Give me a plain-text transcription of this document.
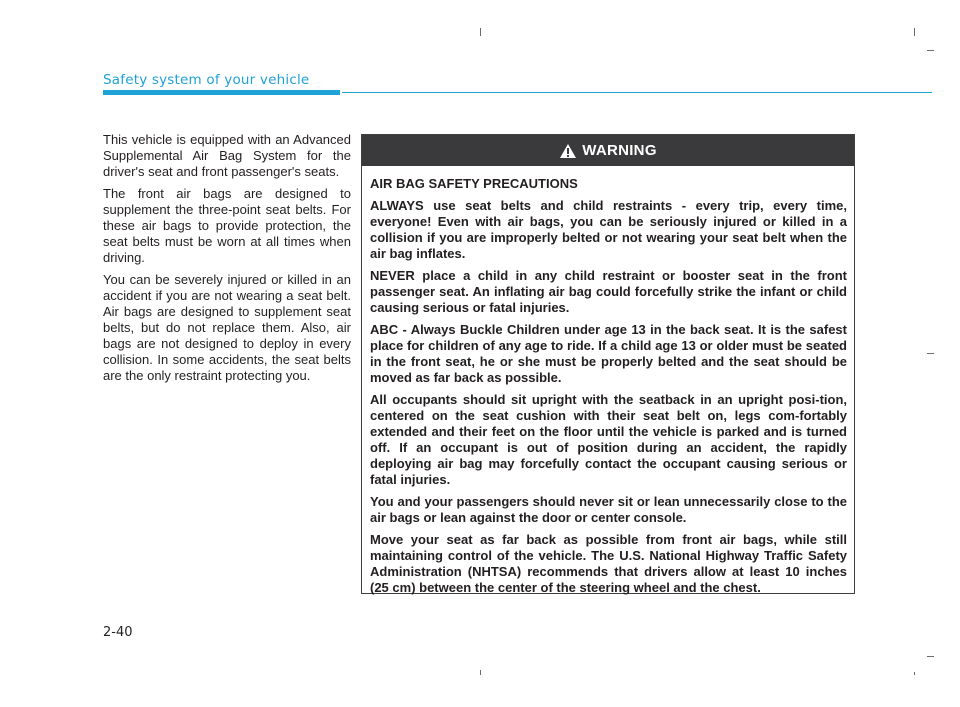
Safety system of your vehicle

This vehicle is equipped with an Advanced Supplemental Air Bag System for the driver's seat and front passenger's seats.

The front air bags are designed to supplement the three-point seat belts. For these air bags to provide protection, the seat belts must be worn at all times when driving.

You can be severely injured or killed in an accident if you are not wearing a seat belt. Air bags are designed to supplement seat belts, but do not replace them. Also, air bags are not designed to deploy in every collision. In some accidents, the seat belts are the only restraint protecting you.

WARNING

AIR BAG SAFETY PRECAUTIONS

ALWAYS use seat belts and child restraints - every trip, every time, everyone! Even with air bags, you can be seriously injured or killed in a collision if you are improperly belted or not wearing your seat belt when the air bag inflates.

NEVER place a child in any child restraint or booster seat in the front passenger seat. An inflating air bag could forcefully strike the infant or child causing serious or fatal injuries.

ABC - Always Buckle Children under age 13 in the back seat. It is the safest place for children of any age to ride. If a child age 13 or older must be seated in the front seat, he or she must be properly belted and the seat should be moved as far back as possible.

All occupants should sit upright with the seatback in an upright posi-tion, centered on the seat cushion with their seat belt on, legs com-fortably extended and their feet on the floor until the vehicle is parked and is turned off. If an occupant is out of position during an accident, the rapidly deploying air bag may forcefully contact the occupant causing serious or fatal injuries.

You and your passengers should never sit or lean unnecessarily close to the air bags or lean against the door or center console.

Move your seat as far back as possible from front air bags, while still maintaining control of the vehicle. The U.S. National Highway Traffic Safety Administration (NHTSA) recommends that drivers allow at least 10 inches (25 cm) between the center of the steering wheel and the chest.

2-40
